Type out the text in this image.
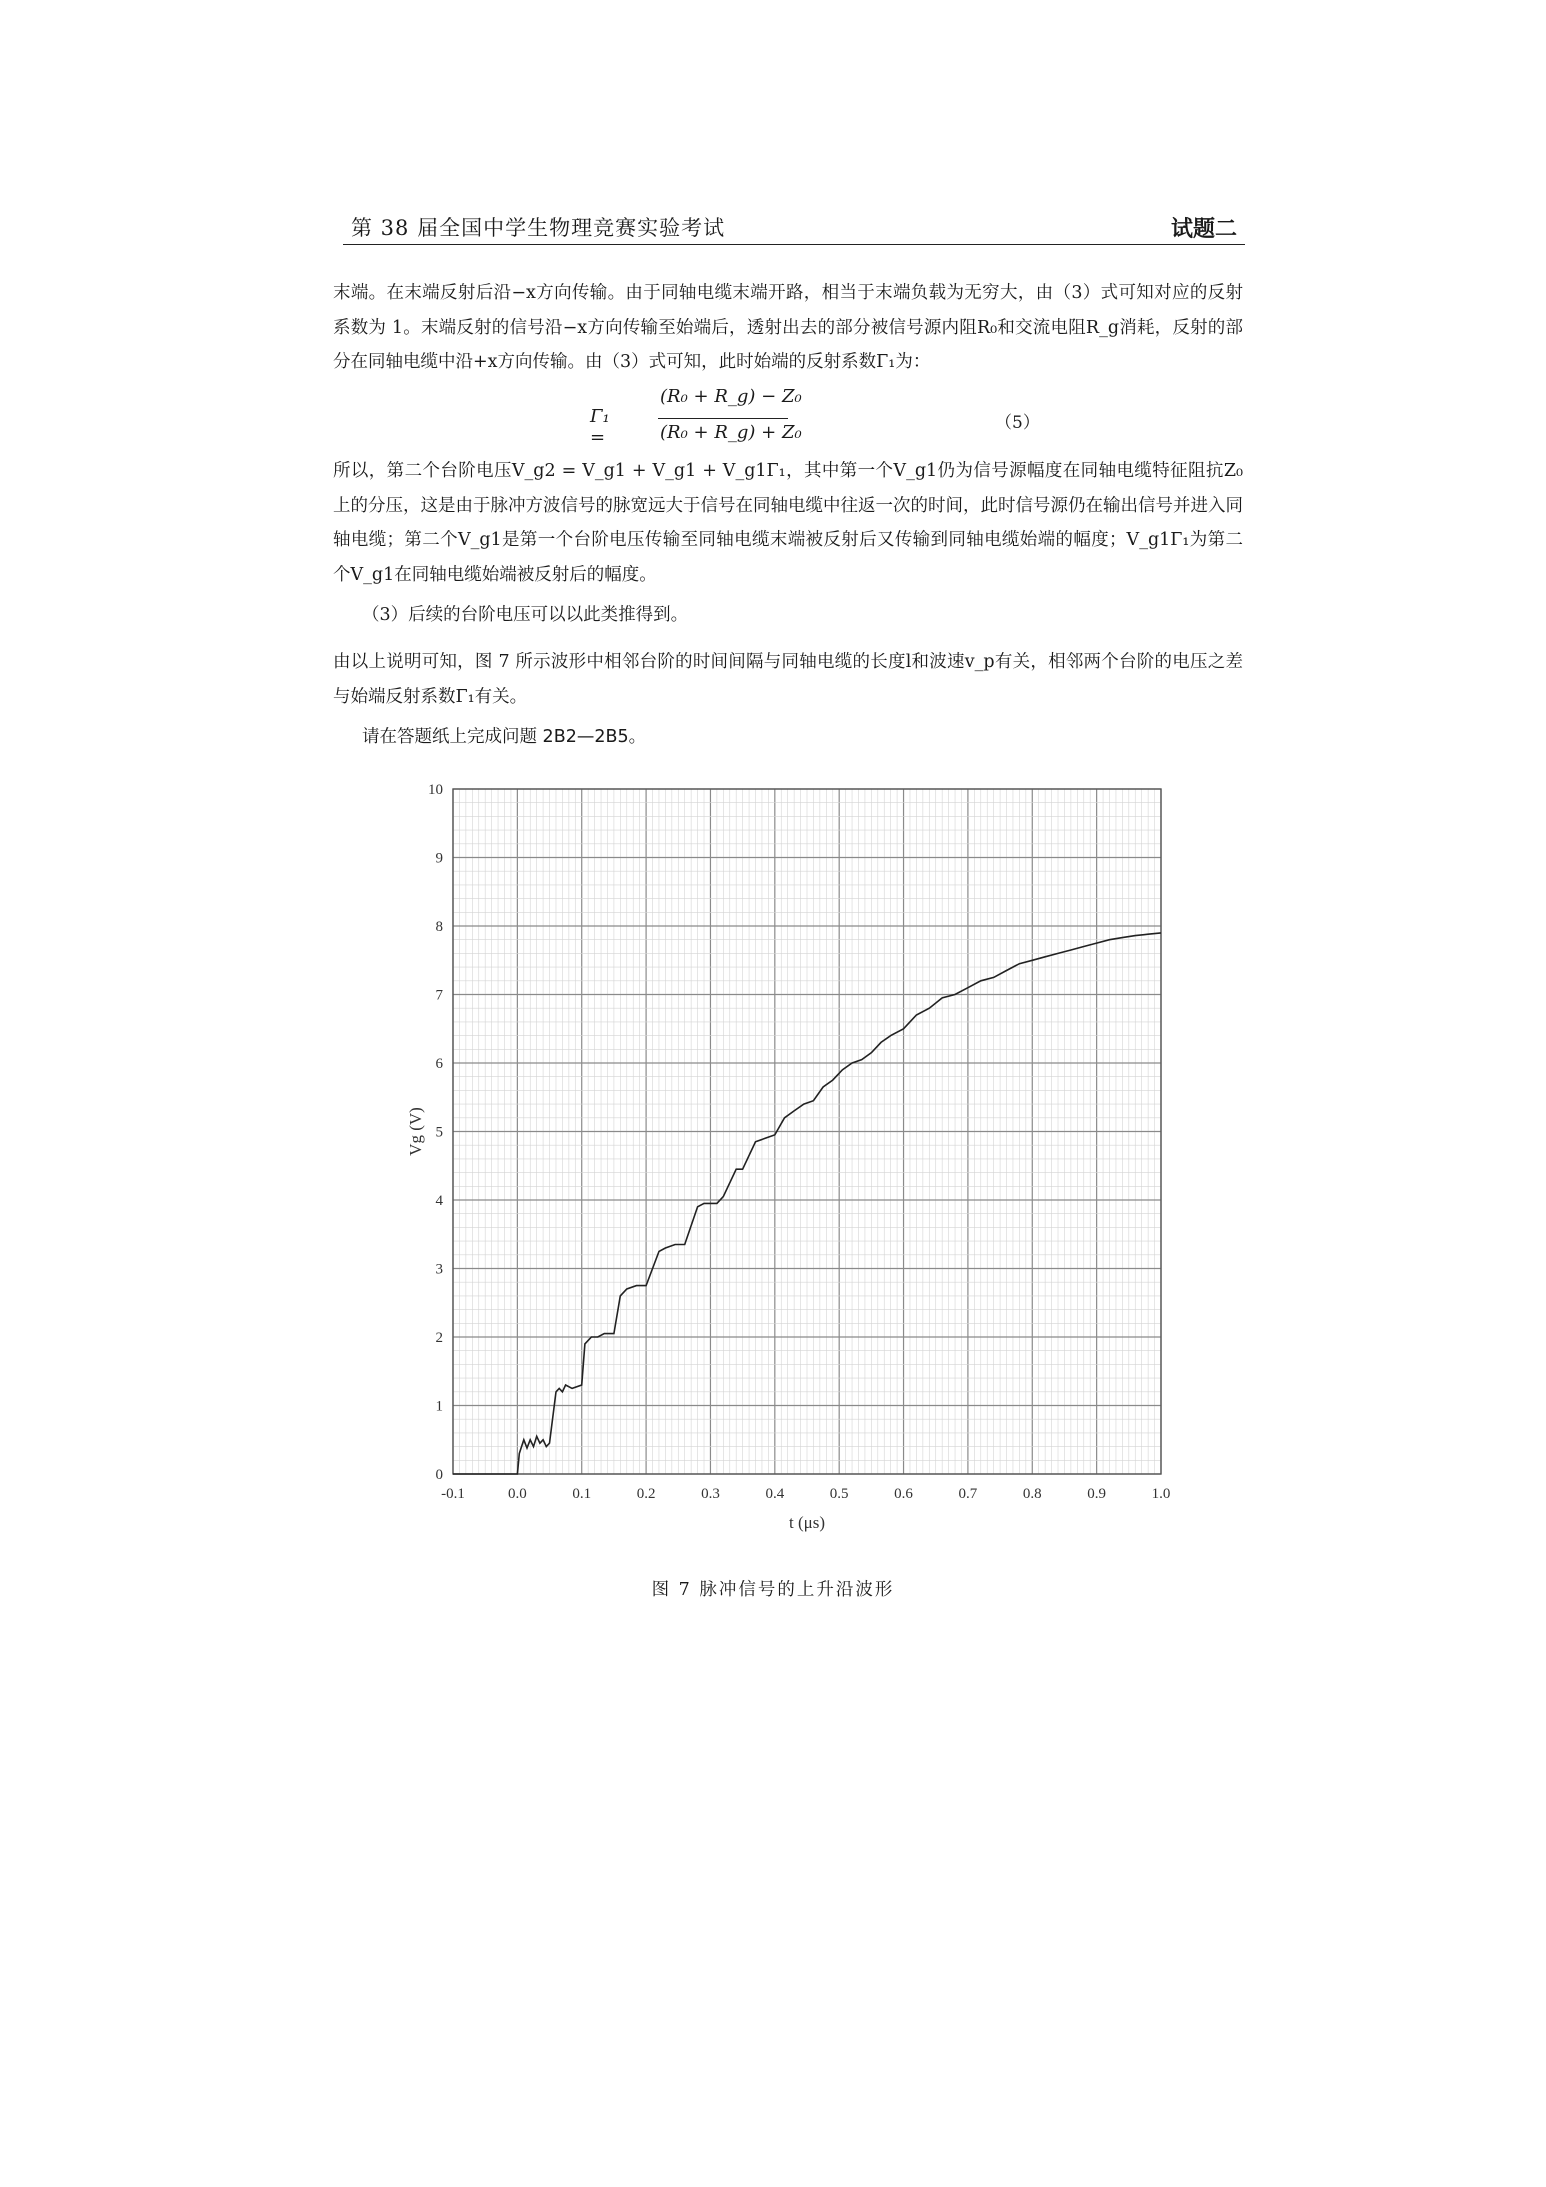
第 38 届全国中学生物理竞赛实验考试	试题二
末端。在末端反射后沿−x方向传输。由于同轴电缆末端开路，相当于末端负载为无穷大，由（3）式可知对应的反射系数为 1。末端反射的信号沿−x方向传输至始端后，透射出去的部分被信号源内阻R₀和交流电阻R_g消耗，反射的部分在同轴电缆中沿+x方向传输。由（3）式可知，此时始端的反射系数Γ₁为：
Γ₁ =
(R₀ + R_g) − Z₀
(R₀ + R_g) + Z₀	（5）
所以，第二个台阶电压V_g2 = V_g1 + V_g1 + V_g1Γ₁，其中第一个V_g1仍为信号源幅度在同轴电缆特征阻抗Z₀上的分压，这是由于脉冲方波信号的脉宽远大于信号在同轴电缆中往返一次的时间，此时信号源仍在输出信号并进入同轴电缆；第二个V_g1是第一个台阶电压传输至同轴电缆末端被反射后又传输到同轴电缆始端的幅度；V_g1Γ₁为第二个V_g1在同轴电缆始端被反射后的幅度。
（3）后续的台阶电压可以以此类推得到。
由以上说明可知，图 7 所示波形中相邻台阶的时间间隔与同轴电缆的长度l和波速v_p有关，相邻两个台阶的电压之差与始端反射系数Γ₁有关。
请在答题纸上完成问题 2B2—2B5。
-0.1	0.0	0.1	0.2	0.3	0.4	0.5	0.6	0.7	0.8	0.9	1.0
0
1
2
3
4
5
6
7
8
9
10
t (μs)
Vg (V)
图 7 脉冲信号的上升沿波形
